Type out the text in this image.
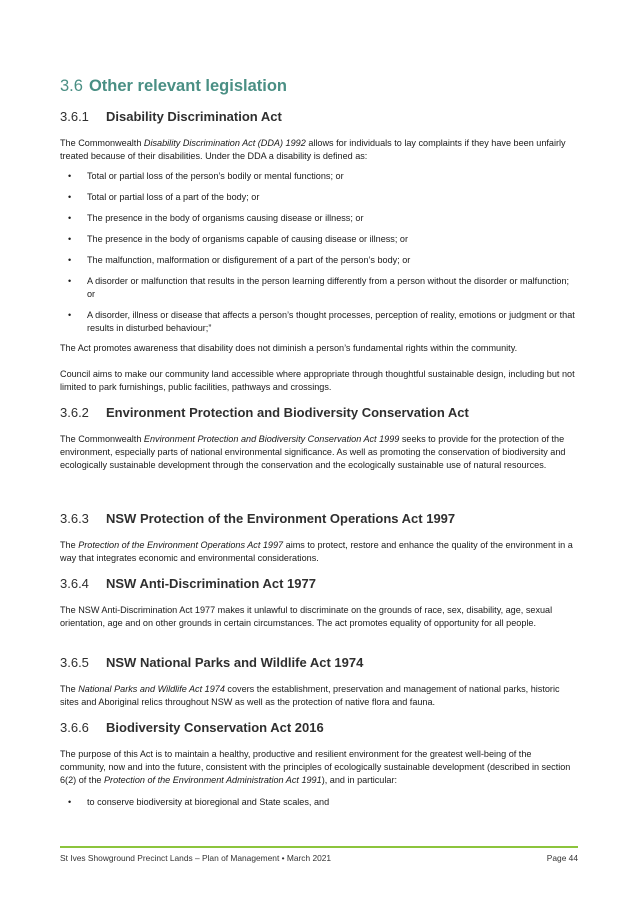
3.6 Other relevant legislation
3.6.1 Disability Discrimination Act
The Commonwealth Disability Discrimination Act (DDA) 1992 allows for individuals to lay complaints if they have been unfairly treated because of their disabilities. Under the DDA a disability is defined as:
• Total or partial loss of the person’s bodily or mental functions; or
• Total or partial loss of a part of the body; or
• The presence in the body of organisms causing disease or illness; or
• The presence in the body of organisms capable of causing disease or illness; or
• The malfunction, malformation or disfigurement of a part of the person’s body; or
• A disorder or malfunction that results in the person learning differently from a person without the disorder or malfunction; or
• A disorder, illness or disease that affects a person’s thought processes, perception of reality, emotions or judgment or that results in disturbed behaviour;”
The Act promotes awareness that disability does not diminish a person’s fundamental rights within the community.
Council aims to make our community land accessible where appropriate through thoughtful sustainable design, including but not limited to park furnishings, public facilities, pathways and crossings.
3.6.2 Environment Protection and Biodiversity Conservation Act
The Commonwealth Environment Protection and Biodiversity Conservation Act 1999 seeks to provide for the protection of the environment, especially parts of national environmental significance. As well as promoting the conservation of biodiversity and ecologically sustainable development through the conservation and the ecologically sustainable use of natural resources.
3.6.3 NSW Protection of the Environment Operations Act 1997
The Protection of the Environment Operations Act 1997 aims to protect, restore and enhance the quality of the environment in a way that integrates economic and environmental considerations.
3.6.4 NSW Anti-Discrimination Act 1977
The NSW Anti-Discrimination Act 1977 makes it unlawful to discriminate on the grounds of race, sex, disability, age, sexual orientation, age and on other grounds in certain circumstances. The act promotes equality of opportunity for all people.
3.6.5 NSW National Parks and Wildlife Act 1974
The National Parks and Wildlife Act 1974 covers the establishment, preservation and management of national parks, historic sites and Aboriginal relics throughout NSW as well as the protection of native flora and fauna.
3.6.6 Biodiversity Conservation Act 2016
The purpose of this Act is to maintain a healthy, productive and resilient environment for the greatest well-being of the community, now and into the future, consistent with the principles of ecologically sustainable development (described in section 6(2) of the Protection of the Environment Administration Act 1991), and in particular:
• to conserve biodiversity at bioregional and State scales, and
St Ives Showground Precinct Lands – Plan of Management • March 2021	Page 44
